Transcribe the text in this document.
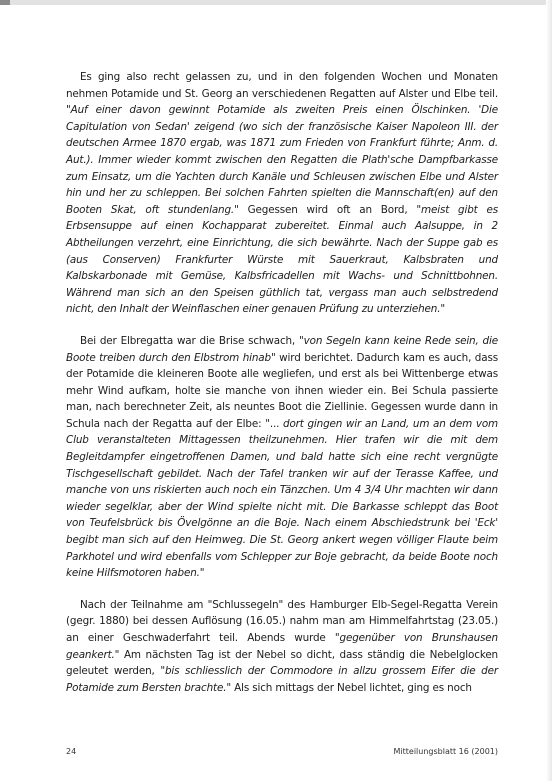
Es ging also recht gelassen zu, und in den folgenden Wochen und Monaten nehmen Potamide und St. Georg an verschiedenen Regatten auf Alster und Elbe teil. "Auf einer davon gewinnt Potamide als zweiten Preis einen Ölschinken. 'Die Capitulation von Sedan' zeigend (wo sich der französische Kaiser Napoleon III. der deutschen Armee 1870 ergab, was 1871 zum Frieden von Frankfurt führte; Anm. d. Aut.). Immer wieder kommt zwischen den Regatten die Plath'sche Dampfbarkasse zum Einsatz, um die Yachten durch Kanäle und Schleusen zwischen Elbe und Alster hin und her zu schleppen. Bei solchen Fahrten spielten die Mannschaft(en) auf den Booten Skat, oft stundenlang." Gegessen wird oft an Bord, "meist gibt es Erbsensuppe auf einen Kochapparat zubereitet. Einmal auch Aalsuppe, in 2 Abtheilungen verzehrt, eine Einrichtung, die sich bewährte. Nach der Suppe gab es (aus Conserven) Frankfurter Würste mit Sauerkraut, Kalbsbraten und Kalbskarbonade mit Gemüse, Kalbsfricadellen mit Wachs- und Schnittbohnen. Während man sich an den Speisen güthlich tat, vergass man auch selbstredend nicht, den Inhalt der Weinflaschen einer genauen Prüfung zu unterziehen."

Bei der Elbregatta war die Brise schwach, "von Segeln kann keine Rede sein, die Boote treiben durch den Elbstrom hinab" wird berichtet. Dadurch kam es auch, dass der Potamide die kleineren Boote alle wegliefen, und erst als bei Wittenberge etwas mehr Wind aufkam, holte sie manche von ihnen wieder ein. Bei Schula passierte man, nach berechneter Zeit, als neuntes Boot die Ziellinie. Gegessen wurde dann in Schula nach der Regatta auf der Elbe: "... dort gingen wir an Land, um an dem vom Club veranstalteten Mittagessen theilzunehmen. Hier trafen wir die mit dem Begleitdampfer eingetroffenen Damen, und bald hatte sich eine recht vergnügte Tischgesellschaft gebildet. Nach der Tafel tranken wir auf der Terasse Kaffee, und manche von uns riskierten auch noch ein Tänzchen. Um 4 3/4 Uhr machten wir dann wieder segelklar, aber der Wind spielte nicht mit. Die Barkasse schleppt das Boot von Teufelsbrück bis Övelgönne an die Boje. Nach einem Abschiedstrunk bei 'Eck' begibt man sich auf den Heimweg. Die St. Georg ankert wegen völliger Flaute beim Parkhotel und wird ebenfalls vom Schlepper zur Boje gebracht, da beide Boote noch keine Hilfsmotoren haben."

Nach der Teilnahme am "Schlussegeln" des Hamburger Elb-Segel-Regatta Verein (gegr. 1880) bei dessen Auflösung (16.05.) nahm man am Himmelfahrtstag (23.05.) an einer Geschwaderfahrt teil. Abends wurde "gegenüber von Brunshausen geankert." Am nächsten Tag ist der Nebel so dicht, dass ständig die Nebelglocken geleutet werden, "bis schliesslich der Commodore in allzu grossem Eifer die der Potamide zum Bersten brachte." Als sich mittags der Nebel lichtet, ging es noch

24	Mitteilungsblatt 16 (2001)
